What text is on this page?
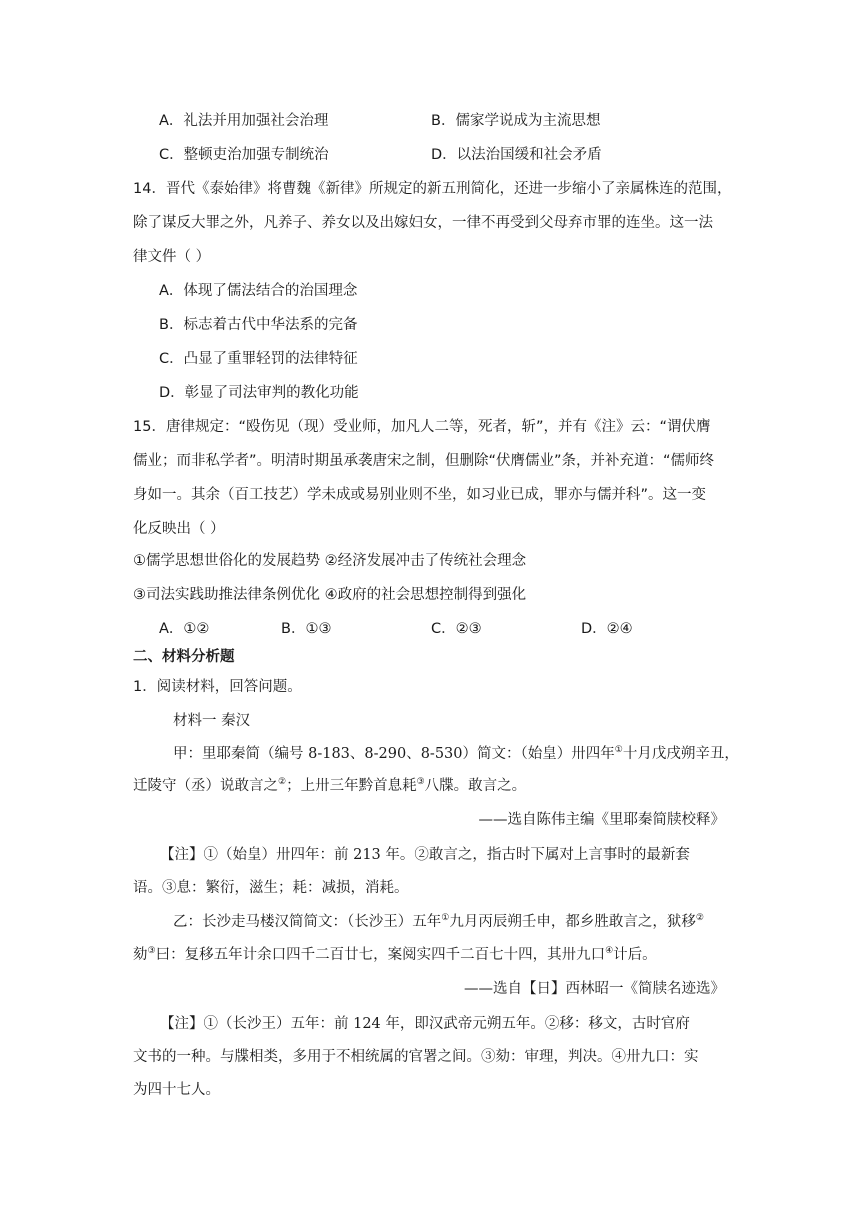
A．礼法并用加强社会治理	B．儒家学说成为主流思想
C．整顿吏治加强专制统治	D．以法治国缓和社会矛盾
14．晋代《泰始律》将曹魏《新律》所规定的新五刑简化，还进一步缩小了亲属株连的范围，
除了谋反大罪之外，凡养子、养女以及出嫁妇女，一律不再受到父母弃市罪的连坐。这一法
律文件（ ）
A．体现了儒法结合的治国理念
B．标志着古代中华法系的完备
C．凸显了重罪轻罚的法律特征
D．彰显了司法审判的教化功能
15．唐律规定：“殴伤见（现）受业师，加凡人二等，死者，斩”，并有《注》云：“谓伏膺
儒业；而非私学者”。明清时期虽承袭唐宋之制，但删除“伏膺儒业”条，并补充道：“儒师终
身如一。其余（百工技艺）学未成或易别业则不坐，如习业已成，罪亦与儒并科”。这一变
化反映出（ ）
①儒学思想世俗化的发展趋势 ②经济发展冲击了传统社会理念
③司法实践助推法律条例优化 ④政府的社会思想控制得到强化
A．①②	B．①③	C．②③	D．②④
二、材料分析题
1．阅读材料，回答问题。
材料一 秦汉
甲：里耶秦简（编号 8-183、8-290、8-530）简文：（始皇）卅四年①十月戊戌朔辛丑，
迁陵守（丞）说敢言之②；上卅三年黔首息耗③八牒。敢言之。
——选自陈伟主编《里耶秦简牍校释》
【注】①（始皇）卅四年：前 213 年。②敢言之，指古时下属对上言事时的最新套
语。③息：繁衍，滋生；耗：减损，消耗。
乙：长沙走马楼汉简简文：（长沙王）五年①九月丙辰朔壬申，都乡胜敢言之，狱移②
劾③曰：复移五年计余口四千二百廿七，案阅实四千二百七十四，其卅九口④计后。
——选自【日】西林昭一《简牍名迹选》
【注】①（长沙王）五年：前 124 年，即汉武帝元朔五年。②移：移文，古时官府
文书的一种。与牒相类，多用于不相统属的官署之间。③劾：审理，判决。④卅九口：实
为四十七人。
